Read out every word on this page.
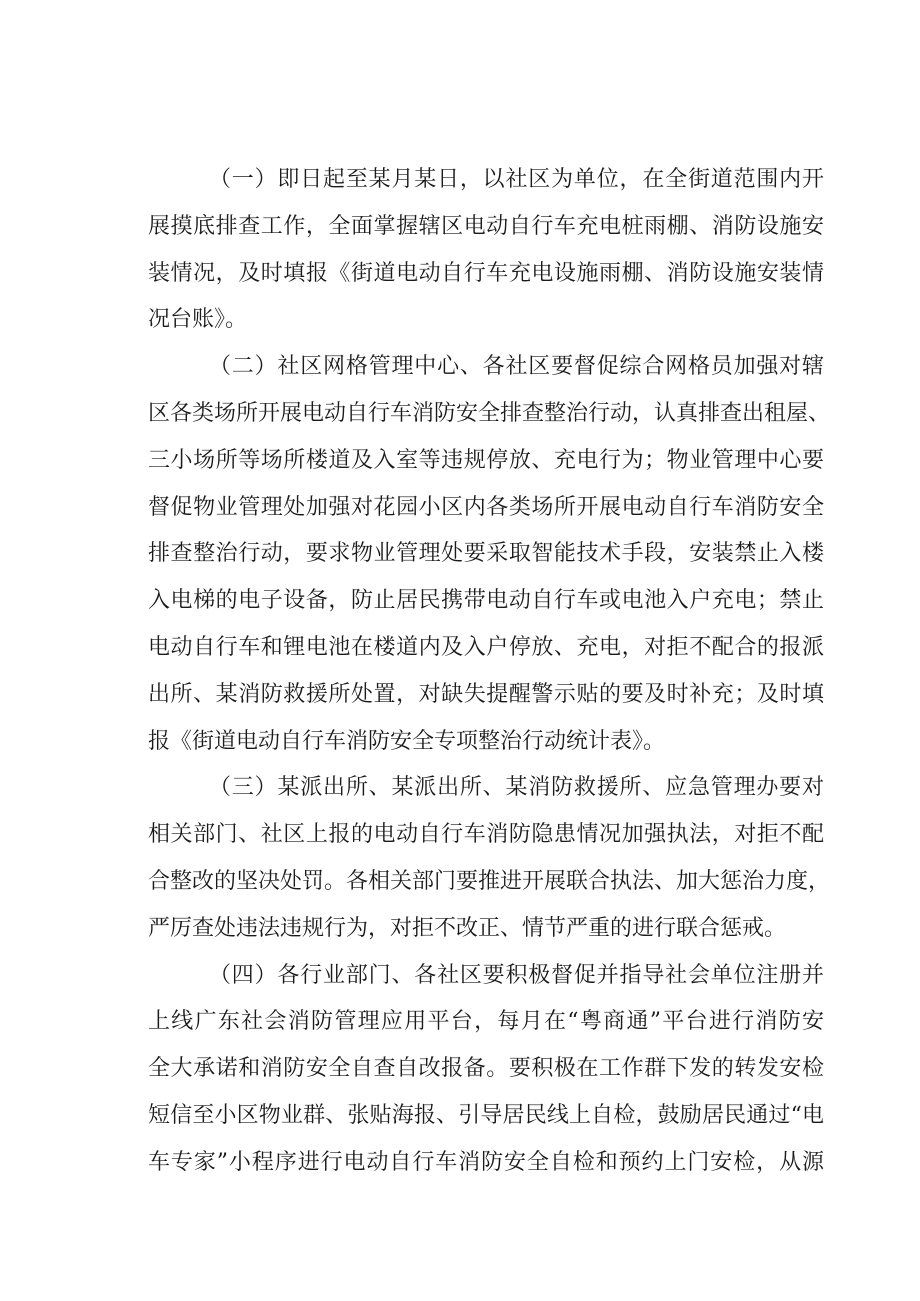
（一）即日起至某月某日，以社区为单位，在全街道范围内开
展摸底排查工作，全面掌握辖区电动自行车充电桩雨棚、消防设施安
装情况，及时填报《街道电动自行车充电设施雨棚、消防设施安装情
况台账》。
（二）社区网格管理中心、各社区要督促综合网格员加强对辖
区各类场所开展电动自行车消防安全排查整治行动，认真排查出租屋、
三小场所等场所楼道及入室等违规停放、充电行为；物业管理中心要
督促物业管理处加强对花园小区内各类场所开展电动自行车消防安全
排查整治行动，要求物业管理处要采取智能技术手段，安装禁止入楼
入电梯的电子设备，防止居民携带电动自行车或电池入户充电；禁止
电动自行车和锂电池在楼道内及入户停放、充电，对拒不配合的报派
出所、某消防救援所处置，对缺失提醒警示贴的要及时补充；及时填
报《街道电动自行车消防安全专项整治行动统计表》。
（三）某派出所、某派出所、某消防救援所、应急管理办要对
相关部门、社区上报的电动自行车消防隐患情况加强执法，对拒不配
合整改的坚决处罚。各相关部门要推进开展联合执法、加大惩治力度，
严厉查处违法违规行为，对拒不改正、情节严重的进行联合惩戒。
（四）各行业部门、各社区要积极督促并指导社会单位注册并
上线广东社会消防管理应用平台，每月在“粤商通”平台进行消防安
全大承诺和消防安全自查自改报备。要积极在工作群下发的转发安检
短信至小区物业群、张贴海报、引导居民线上自检，鼓励居民通过“电
车专家”小程序进行电动自行车消防安全自检和预约上门安检，从源
